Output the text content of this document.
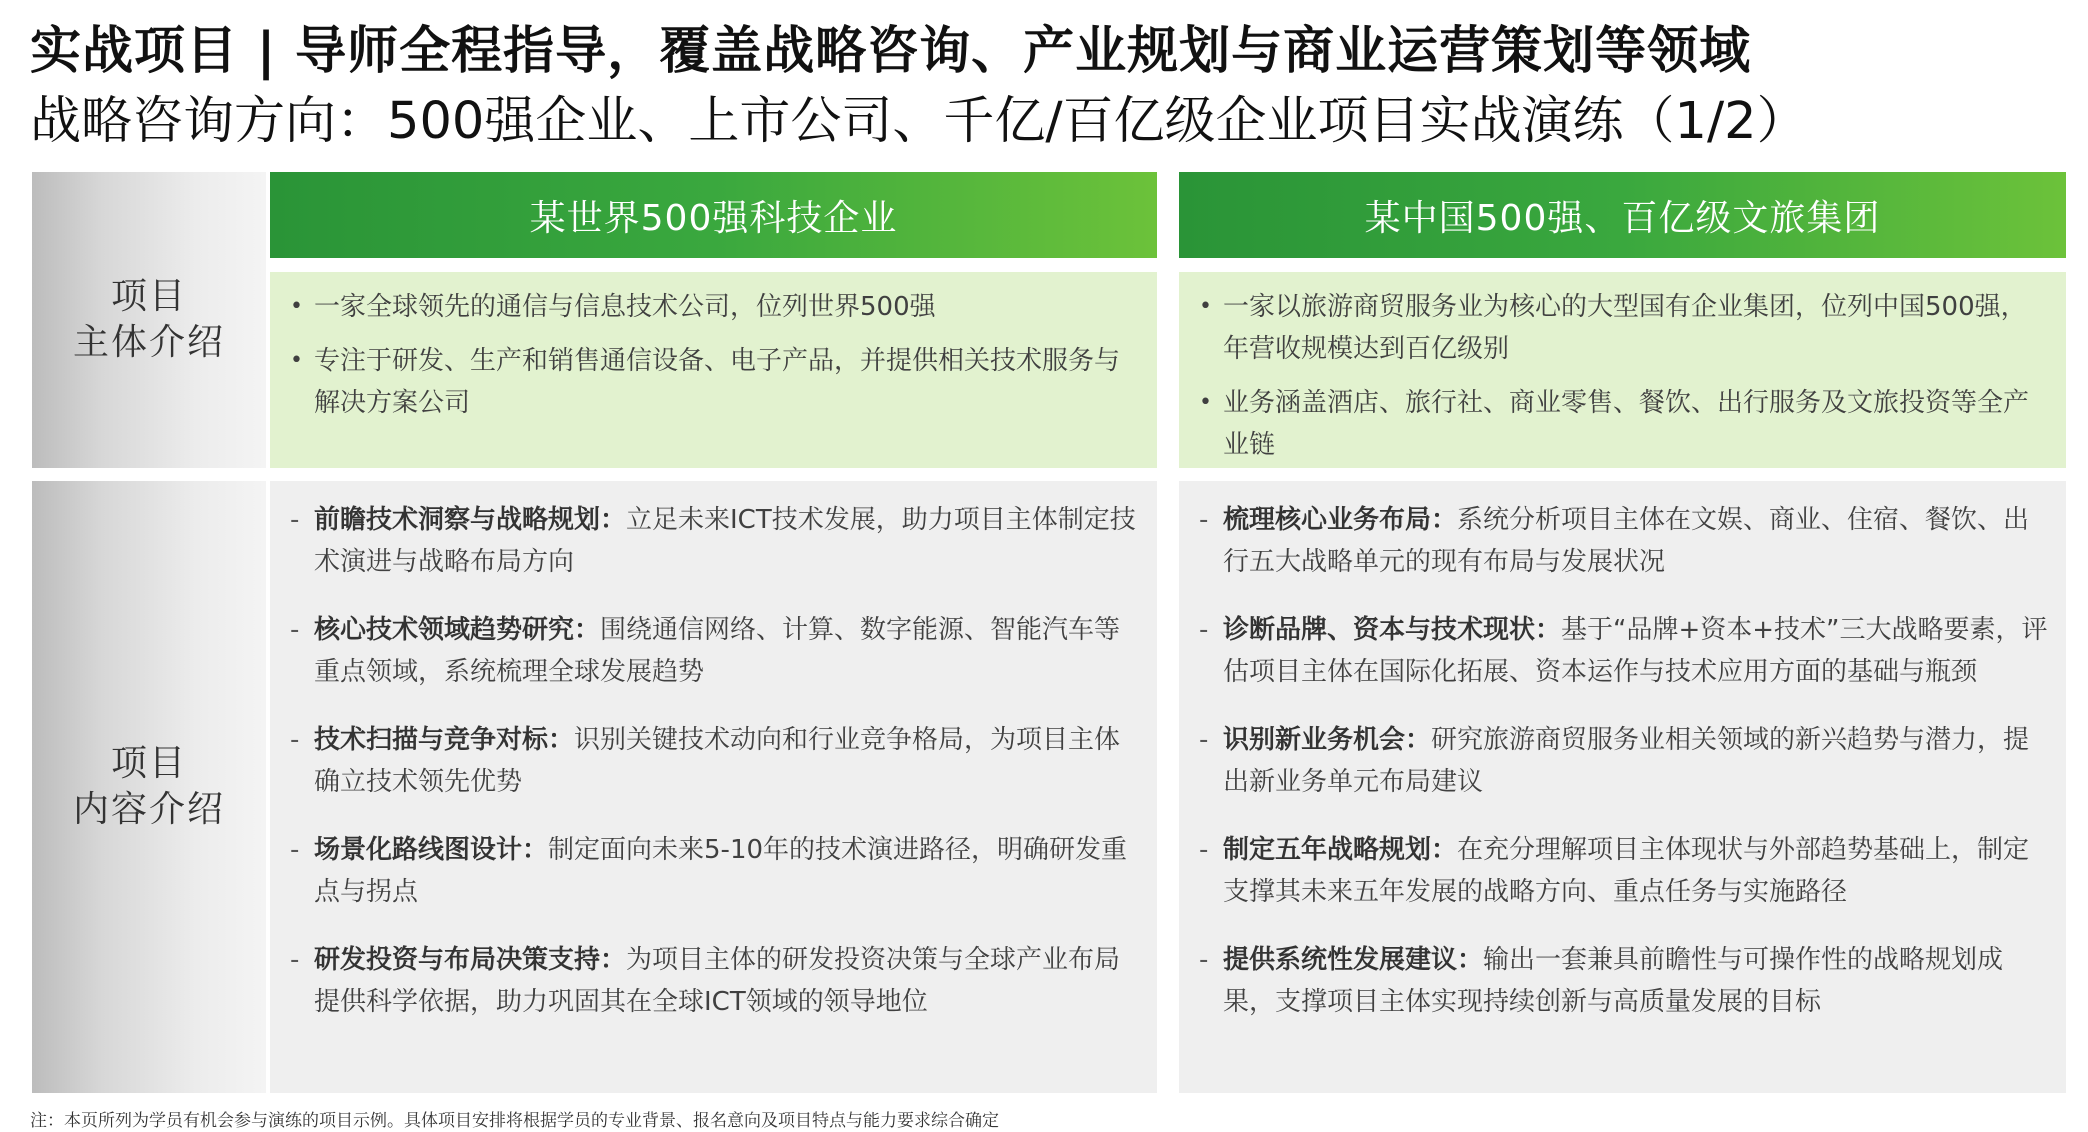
实战项目 | 导师全程指导，覆盖战略咨询、产业规划与商业运营策划等领域
战略咨询方向：500强企业、上市公司、千亿/百亿级企业项目实战演练（1/2）
项目
主体介绍
项目
内容介绍
某世界500强科技企业
• 一家全球领先的通信与信息技术公司，位列世界500强
• 专注于研发、生产和销售通信设备、电子产品，并提供相关技术服务与解决方案公司
- 前瞻技术洞察与战略规划：立足未来ICT技术发展，助力项目主体制定技术演进与战略布局方向
- 核心技术领域趋势研究：围绕通信网络、计算、数字能源、智能汽车等重点领域，系统梳理全球发展趋势
- 技术扫描与竞争对标：识别关键技术动向和行业竞争格局，为项目主体确立技术领先优势
- 场景化路线图设计：制定面向未来5-10年的技术演进路径，明确研发重点与拐点
- 研发投资与布局决策支持：为项目主体的研发投资决策与全球产业布局提供科学依据，助力巩固其在全球ICT领域的领导地位
某中国500强、百亿级文旅集团
• 一家以旅游商贸服务业为核心的大型国有企业集团，位列中国500强，年营收规模达到百亿级别
• 业务涵盖酒店、旅行社、商业零售、餐饮、出行服务及文旅投资等全产业链
- 梳理核心业务布局：系统分析项目主体在文娱、商业、住宿、餐饮、出行五大战略单元的现有布局与发展状况
- 诊断品牌、资本与技术现状：基于“品牌+资本+技术”三大战略要素，评估项目主体在国际化拓展、资本运作与技术应用方面的基础与瓶颈
- 识别新业务机会：研究旅游商贸服务业相关领域的新兴趋势与潜力，提出新业务单元布局建议
- 制定五年战略规划：在充分理解项目主体现状与外部趋势基础上，制定支撑其未来五年发展的战略方向、重点任务与实施路径
- 提供系统性发展建议：输出一套兼具前瞻性与可操作性的战略规划成果，支撑项目主体实现持续创新与高质量发展的目标
注：本页所列为学员有机会参与演练的项目示例。具体项目安排将根据学员的专业背景、报名意向及项目特点与能力要求综合确定
